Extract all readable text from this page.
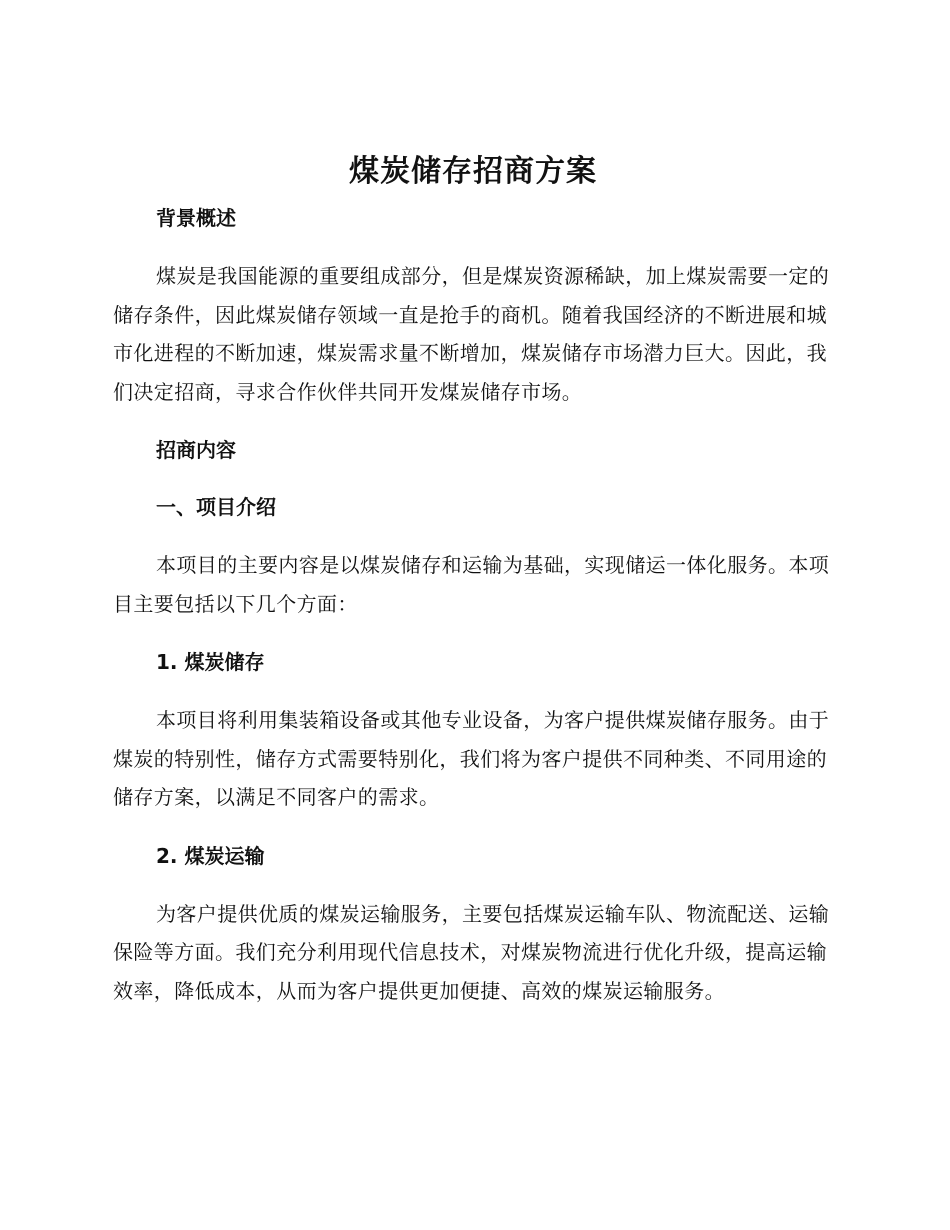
煤炭储存招商方案

背景概述

煤炭是我国能源的重要组成部分，但是煤炭资源稀缺，加上煤炭需要一定的储存条件，因此煤炭储存领域一直是抢手的商机。随着我国经济的不断进展和城市化进程的不断加速，煤炭需求量不断增加，煤炭储存市场潜力巨大。因此，我们决定招商，寻求合作伙伴共同开发煤炭储存市场。

招商内容

一、项目介绍

本项目的主要内容是以煤炭储存和运输为基础，实现储运一体化服务。本项目主要包括以下几个方面：

1. 煤炭储存

本项目将利用集装箱设备或其他专业设备，为客户提供煤炭储存服务。由于煤炭的特别性，储存方式需要特别化，我们将为客户提供不同种类、不同用途的储存方案，以满足不同客户的需求。

2. 煤炭运输

为客户提供优质的煤炭运输服务，主要包括煤炭运输车队、物流配送、运输保险等方面。我们充分利用现代信息技术，对煤炭物流进行优化升级，提高运输效率，降低成本，从而为客户提供更加便捷、高效的煤炭运输服务。
